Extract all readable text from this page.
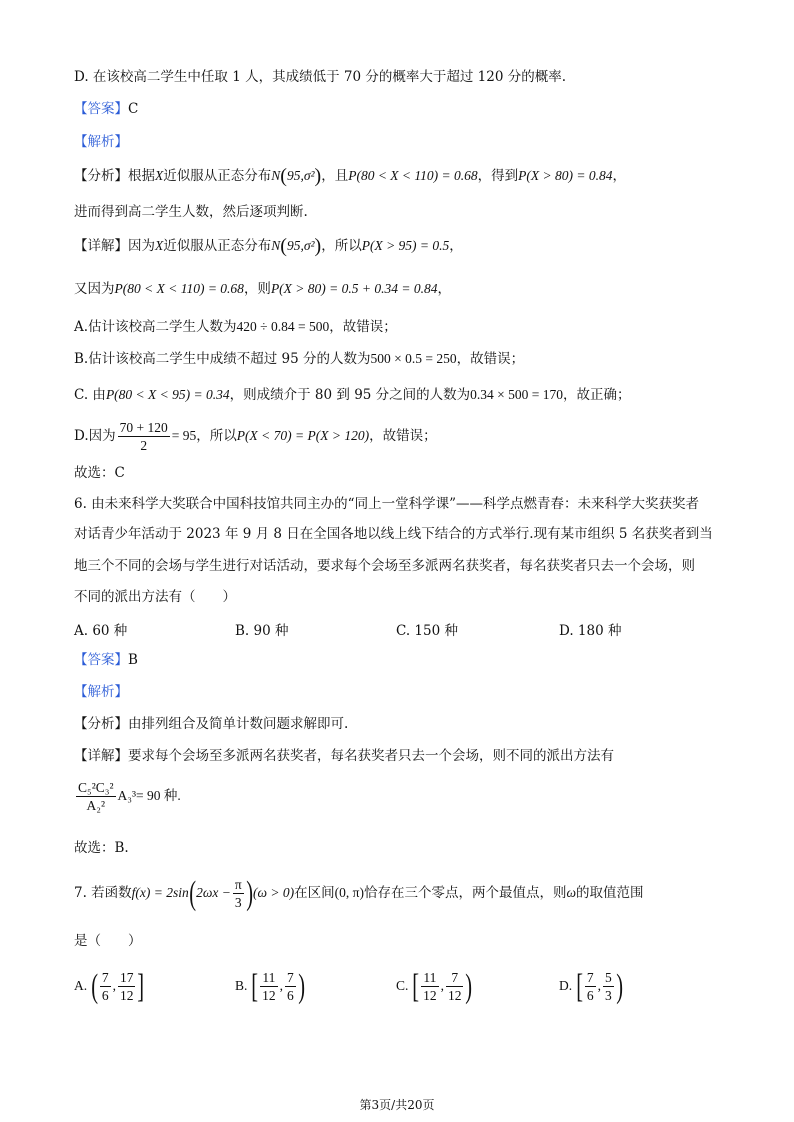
D. 在该校高二学生中任取 1 人，其成绩低于 70 分的概率大于超过 120 分的概率.
【答案】C
【解析】
【分析】根据X近似服从正态分布N(95,σ²)，且P(80 < X < 110) = 0.68，得到P(X > 80) = 0.84，
进而得到高二学生人数，然后逐项判断.
【详解】因为X近似服从正态分布N(95,σ²)，所以P(X > 95) = 0.5，
又因为P(80 < X < 110) = 0.68，则P(X > 80) = 0.5 + 0.34 = 0.84，
A.估计该校高二学生人数为420 ÷ 0.84 = 500，故错误；
B.估计该校高二学生中成绩不超过 95 分的人数为500 × 0.5 = 250，故错误；
C. 由P(80 < X < 95) = 0.34，则成绩介于 80 到 95 分之间的人数为0.34 × 500 = 170，故正确；
D.因为 $\frac{70 + 120}{2} = 95$，所以P(X < 70) = P(X > 120)，故错误；
故选：C
6. 由未来科学大奖联合中国科技馆共同主办的“同上一堂科学课”——科学点燃青春：未来科学大奖获奖者
对话青少年活动于 2023 年 9 月 8 日在全国各地以线上线下结合的方式举行.现有某市组织 5 名获奖者到当
地三个不同的会场与学生进行对话活动，要求每个会场至多派两名获奖者，每名获奖者只去一个会场，则
不同的派出方法有（　　）
A. 60 种	B. 90 种	C. 150 种	D. 180 种
【答案】B
【解析】
【分析】由排列组合及简单计数问题求解即可.
【详解】要求每个会场至多派两名获奖者，每名获奖者只去一个会场，则不同的派出方法有
$\frac{\text{C₅²C₃²}}{\text{A₂²}} A_3^3= 90$ 种.
故选：B.
7. 若函数$f(x) = 2\sin(2\omega x - \frac{\pi}{3} )(\omega > 0)$在区间(0, π)恰存在三个零点，两个最值点，则ω的取值范围
是（　　）
A. ( $\frac{7}{6}$ , $\frac{17}{12}$ ]	B. [ $\frac{11}{12}$ , $\frac{7}{6}$ )	C. [ $\frac{11}{12}$ , $\frac{7}{12}$ )	D. [ $\frac{7}{6}$ , $\frac{5}{3}$ )
第3页/共20页
